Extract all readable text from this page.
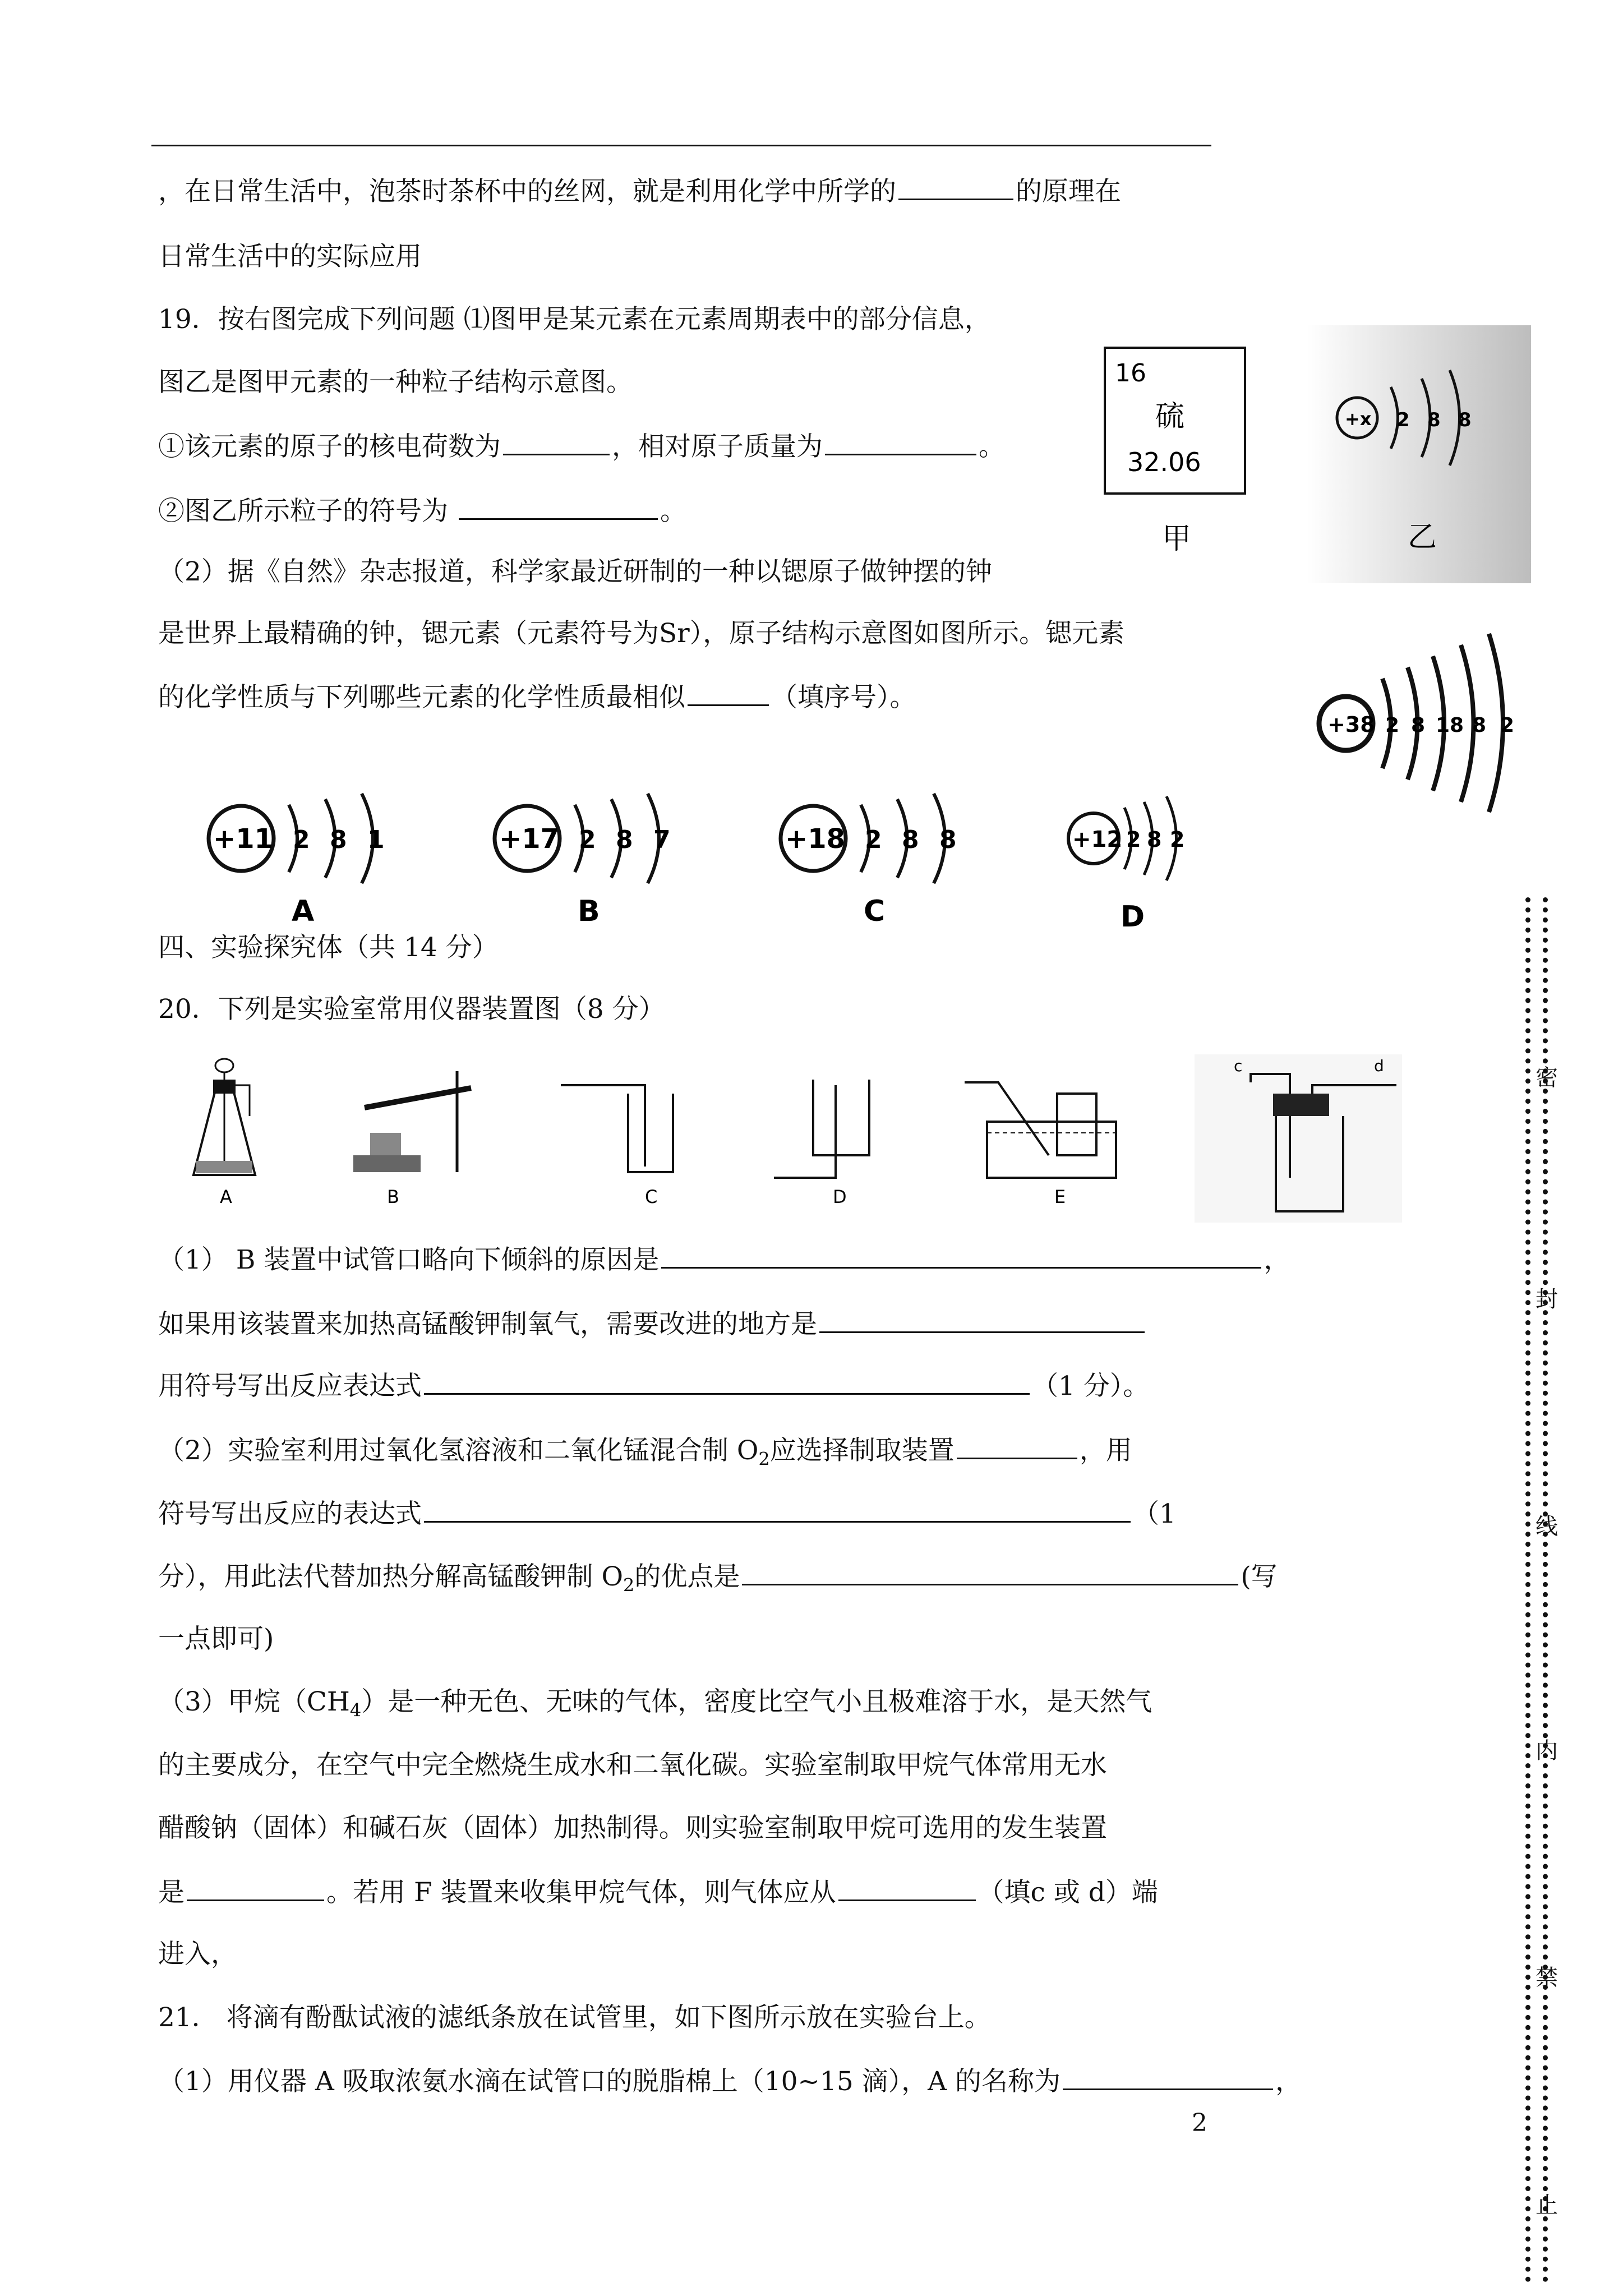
，在日常生活中，泡茶时茶杯中的丝网，就是利用化学中所学的	的原理在
日常生活中的实际应用
19．按右图完成下列问题 ⑴图甲是某元素在元素周期表中的部分信息，
图乙是图甲元素的一种粒子结构示意图。
①该元素的原子的核电荷数为	，相对原子质量为	。
②图乙所示粒子的符号为	。
（2）据《自然》杂志报道，科学家最近研制的一种以锶原子做钟摆的钟
是世界上最精确的钟，锶元素（元素符号为Sr），原子结构示意图如图所示。锶元素
的化学性质与下列哪些元素的化学性质最相似	（填序号）。
16
硫
32.06
甲
+x 2 8 8
乙
+38 2 8 18 8 2
+11 2 8 1
A
+17 2 8 7
B
+18 2 8 8
C
+12 2 8 2
D
四、实验探究体（共 14 分）
20．下列是实验室常用仪器装置图（8 分）
A	B	C	D	E
c	d
（1） B 装置中试管口略向下倾斜的原因是	，
如果用该装置来加热高锰酸钾制氧气，需要改进的地方是
用符号写出反应表达式	（1 分）。
（2）实验室利用过氧化氢溶液和二氧化锰混合制 $O_2$应选择制取装置	，用
符号写出反应的表达式	（1
分），用此法代替加热分解高锰酸钾制 $O_2$的优点是	(写
一点即可)
（3）甲烷$(CH_4)$是一种无色、无味的气体，密度比空气小且极难溶于水，是天然气
的主要成分，在空气中完全燃烧生成水和二氧化碳。实验室制取甲烷气体常用无水
醋酸钠（固体）和碱石灰（固体）加热制得。则实验室制取甲烷可选用的发生装置
是	。若用 F 装置来收集甲烷气体，则气体应从	（填c 或 d）端
进入，
21． 将滴有酚酞试液的滤纸条放在试管里，如下图所示放在实验台上。
（1）用仪器 A 吸取浓氨水滴在试管口的脱脂棉上（10~15 滴），A 的名称为	，
2
密
封
线
内
禁
止
